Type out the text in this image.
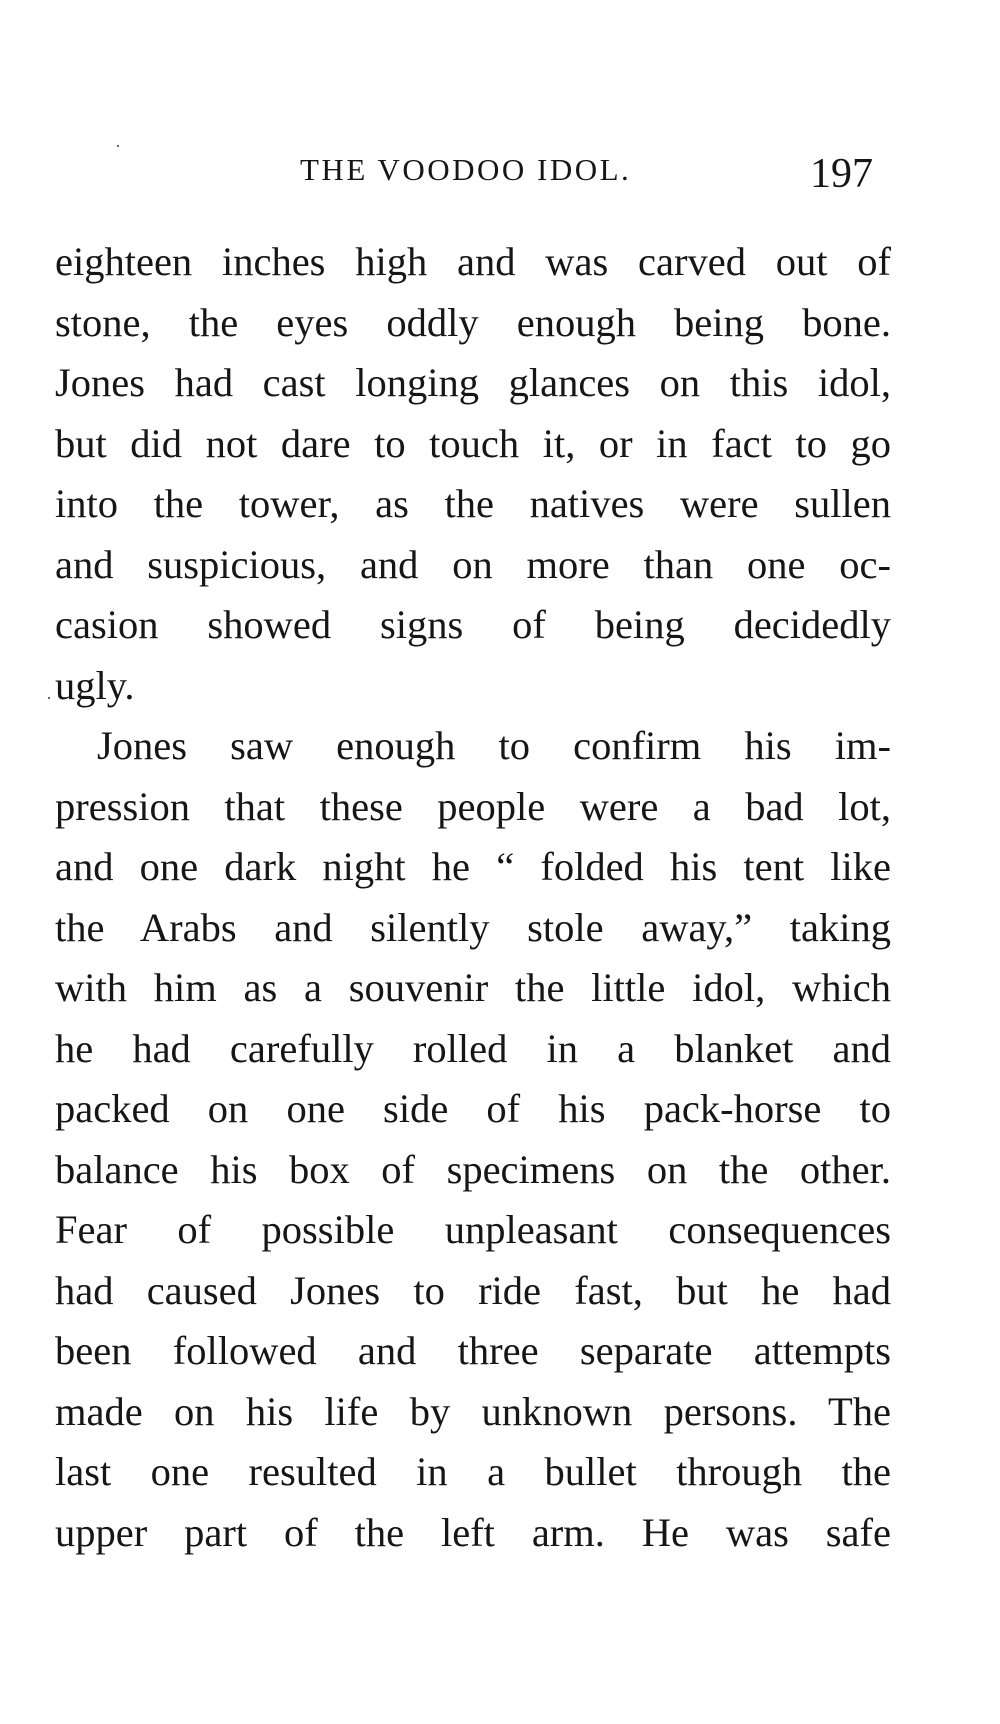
THE VOODOO IDOL.	197
eighteen inches high and was carved out of
stone, the eyes oddly enough being bone.
Jones had cast longing glances on this idol,
but did not dare to touch it, or in fact to go
into the tower, as the natives were sullen
and suspicious, and on more than one oc-
casion showed signs of being decidedly
ugly.
Jones saw enough to confirm his im-
pression that these people were a bad lot,
and one dark night he “ folded his tent like
the Arabs and silently stole away,” taking
with him as a souvenir the little idol, which
he had carefully rolled in a blanket and
packed on one side of his pack-horse to
balance his box of specimens on the other.
Fear of possible unpleasant consequences
had caused Jones to ride fast, but he had
been followed and three separate attempts
made on his life by unknown persons. The
last one resulted in a bullet through the
upper part of the left arm. He was safe
